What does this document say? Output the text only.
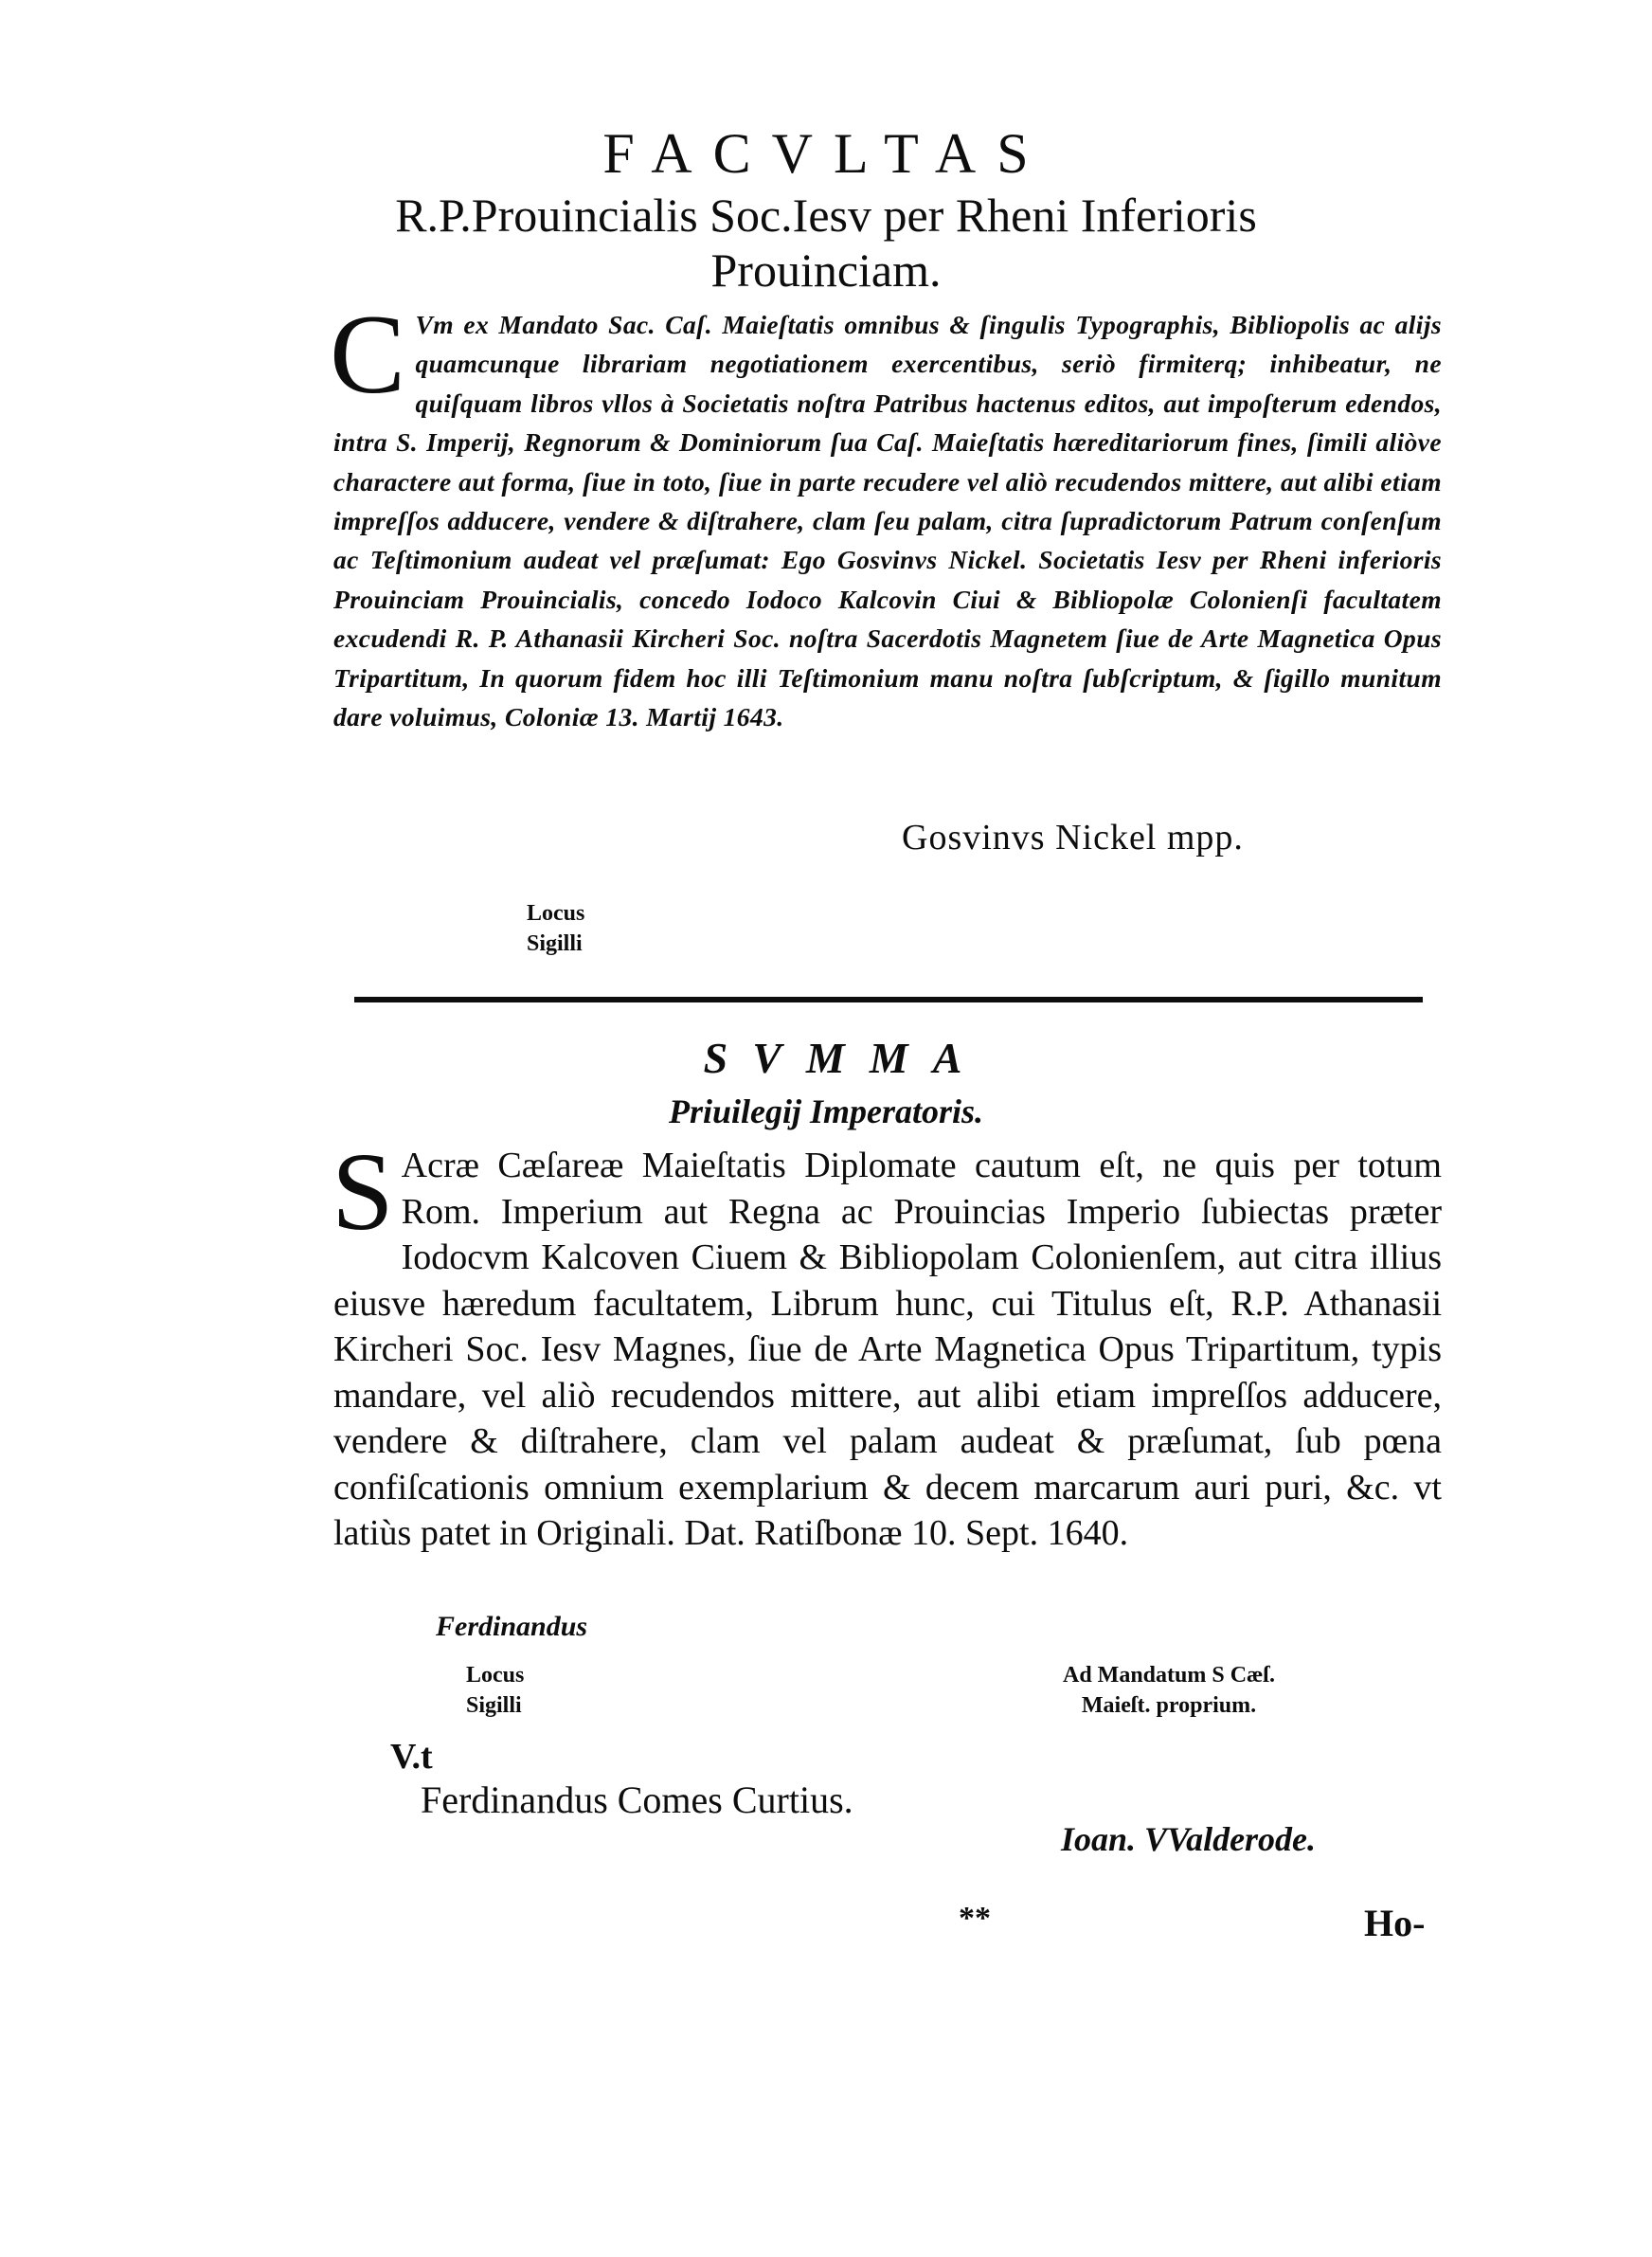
FACVLTAS
R.P.Prouincialis Soc.Iesv per Rheni Inferioris
Prouinciam.
C Vm ex Mandato Sac. Caſ. Maieſtatis omnibus & ſingulis Typographis, Bibliopolis ac alijs quamcunque librariam negotiationem exercentibus, seriò firmiterq; inhibeatur, ne quiſquam libros vllos à Societatis noſtra Patribus hactenus editos, aut impoſterum edendos, intra S. Imperij, Regnorum & Dominiorum ſua Caſ. Maieſtatis hæreditariorum fines, ſimili aliòve charactere aut forma, ſiue in toto, ſiue in parte recudere vel aliò recudendos mittere, aut alibi etiam impreſſos adducere, vendere & diſtrahere, clam ſeu palam, citra ſupradictorum Patrum conſenſum ac Teſtimonium audeat vel præſumat: Ego Gosvinvs Nickel. Societatis Iesv per Rheni inferioris Prouinciam Prouincialis, concedo Iodoco Kalcovin Ciui & Bibliopolæ Colonienſi facultatem excudendi R. P. Athanasii Kircheri Soc. noſtra Sacerdotis Magnetem ſiue de Arte Magnetica Opus Tripartitum, In quorum fidem hoc illi Teſtimonium manu noſtra ſubſcriptum, & ſigillo munitum dare voluimus, Coloniæ 13. Martij 1643.
Gosvinvs Nickel mpp.
Locus
Sigilli
SVMMA
Priuilegij Imperatoris.
S Acræ Cæſareæ Maieſtatis Diplomate cautum eſt, ne quis per totum Rom. Imperium aut Regna ac Prouincias Imperio ſubiectas præter Iodocvm Kalcoven Ciuem & Bibliopolam Colonienſem, aut citra illius eiusve hæredum facultatem, Librum hunc, cui Titulus eſt, R.P. Athanasii Kircheri Soc. Iesv Magnes, ſiue de Arte Magnetica Opus Tripartitum, typis mandare, vel aliò recudendos mittere, aut alibi etiam impreſſos adducere, vendere & diſtrahere, clam vel palam audeat & præſumat, ſub pœna confiſcationis omnium exemplarium & decem marcarum auri puri, &c. vt latiùs patet in Originali. Dat. Ratiſbonæ 10. Sept. 1640.
Ferdinandus
Locus
Sigilli
Ad Mandatum S Cæſ.
Maieſt. proprium.
V.t
Ferdinandus Comes Curtius.
Ioan. VValderode.
**	Ho-
